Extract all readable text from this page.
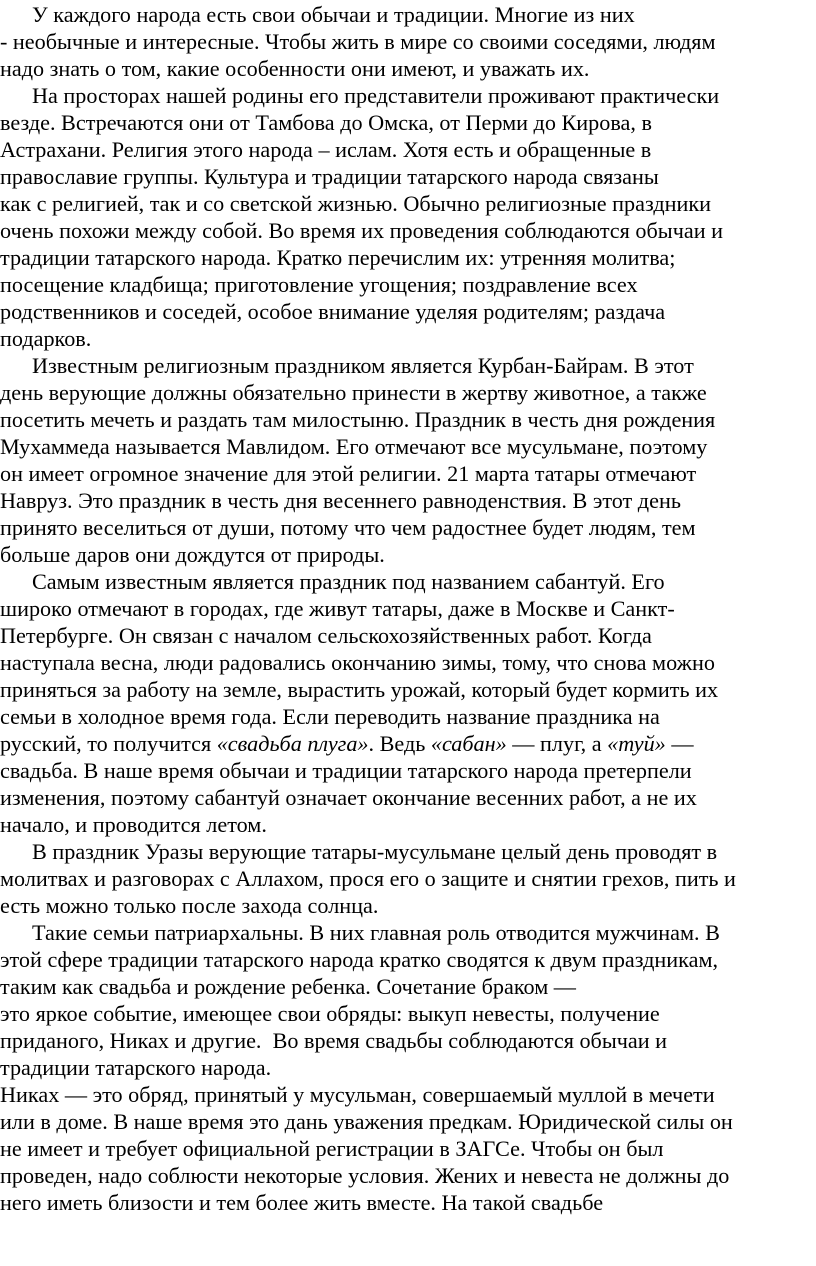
У каждого народа есть свои обычаи и традиции. Многие из них
- необычные и интересные. Чтобы жить в мире со своими соседями, людям
надо знать о том, какие особенности они имеют, и уважать их.
На просторах нашей родины его представители проживают практически
везде. Встречаются они от Тамбова до Омска, от Перми до Кирова, в
Астрахани. Религия этого народа – ислам. Хотя есть и обращенные в
православие группы. Культура и традиции татарского народа связаны
как с религией, так и со светской жизнью. Обычно религиозные праздники
очень похожи между собой. Во время их проведения соблюдаются обычаи и
традиции татарского народа. Кратко перечислим их: утренняя молитва;
посещение кладбища; приготовление угощения; поздравление всех
родственников и соседей, особое внимание уделяя родителям; раздача
подарков.
Известным религиозным праздником является Курбан-Байрам. В этот
день верующие должны обязательно принести в жертву животное, а также
посетить мечеть и раздать там милостыню. Праздник в честь дня рождения
Мухаммеда называется Мавлидом. Его отмечают все мусульмане, поэтому
он имеет огромное значение для этой религии. 21 марта татары отмечают
Навруз. Это праздник в честь дня весеннего равноденствия. В этот день
принято веселиться от души, потому что чем радостнее будет людям, тем
больше даров они дождутся от природы.
Самым известным является праздник под названием сабантуй. Его
широко отмечают в городах, где живут татары, даже в Москве и Санкт-
Петербурге. Он связан с началом сельскохозяйственных работ. Когда
наступала весна, люди радовались окончанию зимы, тому, что снова можно
приняться за работу на земле, вырастить урожай, который будет кормить их
семьи в холодное время года. Если переводить название праздника на
русский, то получится «свадьба плуга». Ведь «сабан» — плуг, а «туй» —
свадьба. В наше время обычаи и традиции татарского народа претерпели
изменения, поэтому сабантуй означает окончание весенних работ, а не их
начало, и проводится летом.
В праздник Уразы верующие татары-мусульмане целый день проводят в
молитвах и разговорах с Аллахом, прося его о защите и снятии грехов, пить и
есть можно только после захода солнца.
Такие семьи патриархальны. В них главная роль отводится мужчинам. В
этой сфере традиции татарского народа кратко сводятся к двум праздникам,
таким как свадьба и рождение ребенка. Сочетание браком —
это яркое событие, имеющее свои обряды: выкуп невесты, получение
приданого, Никах и другие.  Во время свадьбы соблюдаются обычаи и
традиции татарского народа.
Никах — это обряд, принятый у мусульман, совершаемый муллой в мечети
или в доме. В наше время это дань уважения предкам. Юридической силы он
не имеет и требует официальной регистрации в ЗАГСе. Чтобы он был
проведен, надо соблюсти некоторые условия. Жених и невеста не должны до
него иметь близости и тем более жить вместе. На такой свадьбе
